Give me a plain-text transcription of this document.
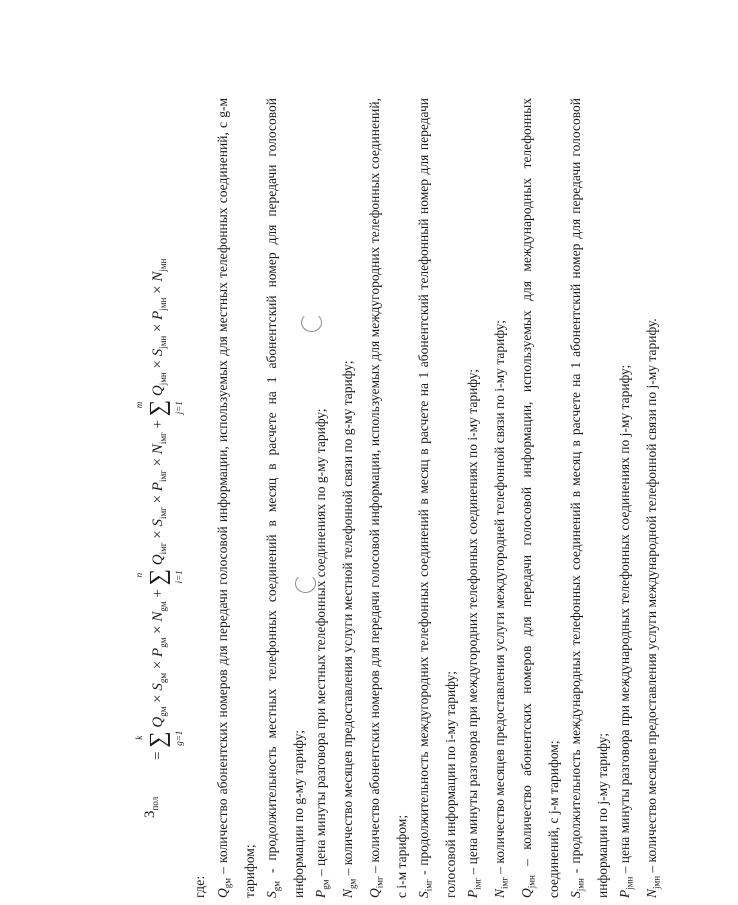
$З_{пол}$
=
k ∑ g=1
$Q_{gм} \times S_{gм} \times P_{gм} \times N_{gм}$ +
n ∑ i=1
$Q_{iмг} \times S_{iмг} \times P_{iмг} \times N_{iмг}$ +
m ∑ j=1
$Q_{jмн} \times S_{jмн} \times P_{jмн} \times N_{jмн}$

где: $Q_{gм}$ – количество абонентских номеров для передачи голосовой информации, используемых для местных телефонных соединений, с g-м тарифом; $S_{gм}$ - продолжительность местных телефонных соединений в месяц в расчете на 1 абонентский номер для передачи голосовой информации по g-му тарифу; $P_{gм}$ – цена минуты разговора при местных телефонных соединениях по g-му тарифу;

$N_{gм}$ – количество месяцев предоставления услуги местной телефонной связи по g-му тарифу;

$Q_{iмг}$ – количество абонентских номеров для передачи голосовой информации, используемых для междугородних телефонных соединений, с i-м тарифом; $S_{iмг}$ - продолжительность междугородних телефонных соединений в месяц в расчете на 1 абонентский телефонный номер для передачи голосовой информации по i-му тарифу; $P_{iмг}$ – цена минуты разговора при междугородних телефонных соединениях по i-му тарифу;

$N_{iмг}$ – количество месяцев предоставления услуги междугородней телефонной связи по i-му тарифу;

$Q_{jмн}$ – количество абонентских номеров для передачи голосовой информации, используемых для международных телефонных соединений, с j-м тарифом; $S_{jмн}$ - продолжительность международных телефонных соединений в месяц в расчете на 1 абонентский номер для передачи голосовой информации по j-му тарифу; $P_{jмн}$ – цена минуты разговора при международных телефонных соединениях по j-му тарифу;

$N_{jмн}$ – количество месяцев предоставления услуги международной телефонной связи по j-му тарифу.
